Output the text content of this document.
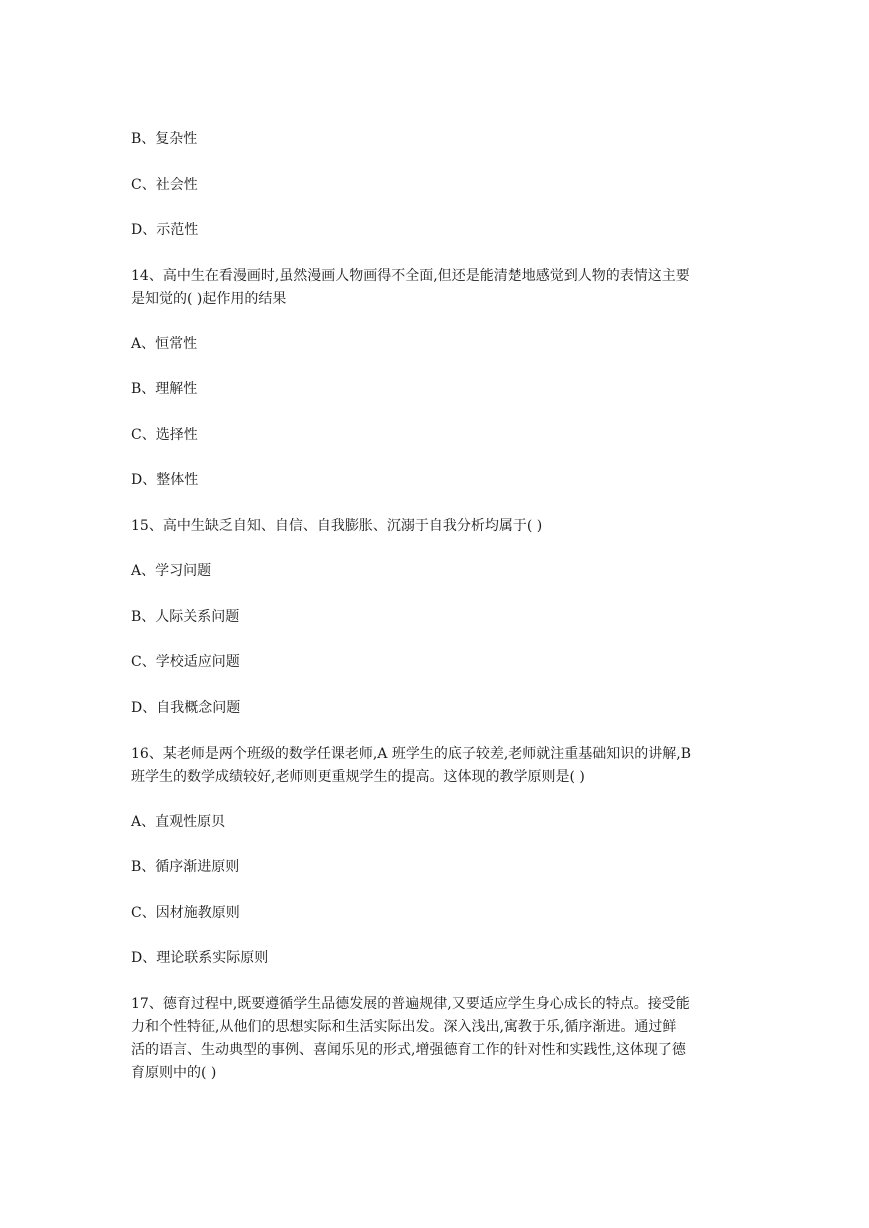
B、复杂性
C、社会性
D、示范性
14、高中生在看漫画时,虽然漫画人物画得不全面,但还是能清楚地感觉到人物的表情这主要
是知觉的( )起作用的结果
A、恒常性
B、理解性
C、选择性
D、整体性
15、高中生缺乏自知、自信、自我膨胀、沉溺于自我分析均属于( )
A、学习问题
B、人际关系问题
C、学校适应问题
D、自我概念问题
16、某老师是两个班级的数学任课老师,A 班学生的底子较差,老师就注重基础知识的讲解,B
班学生的数学成绩较好,老师则更重规学生的提高。这体现的教学原则是( )
A、直观性原贝
B、循序渐进原则
C、因材施教原则
D、理论联系实际原则
17、德育过程中,既要遵循学生品德发展的普遍规律,又要适应学生身心成长的特点。接受能
力和个性特征,从他们的思想实际和生活实际出发。深入浅出,寓教于乐,循序渐进。通过鲜
活的语言、生动典型的事例、喜闻乐见的形式,增强德育工作的针对性和实践性,这体现了德
育原则中的( )
